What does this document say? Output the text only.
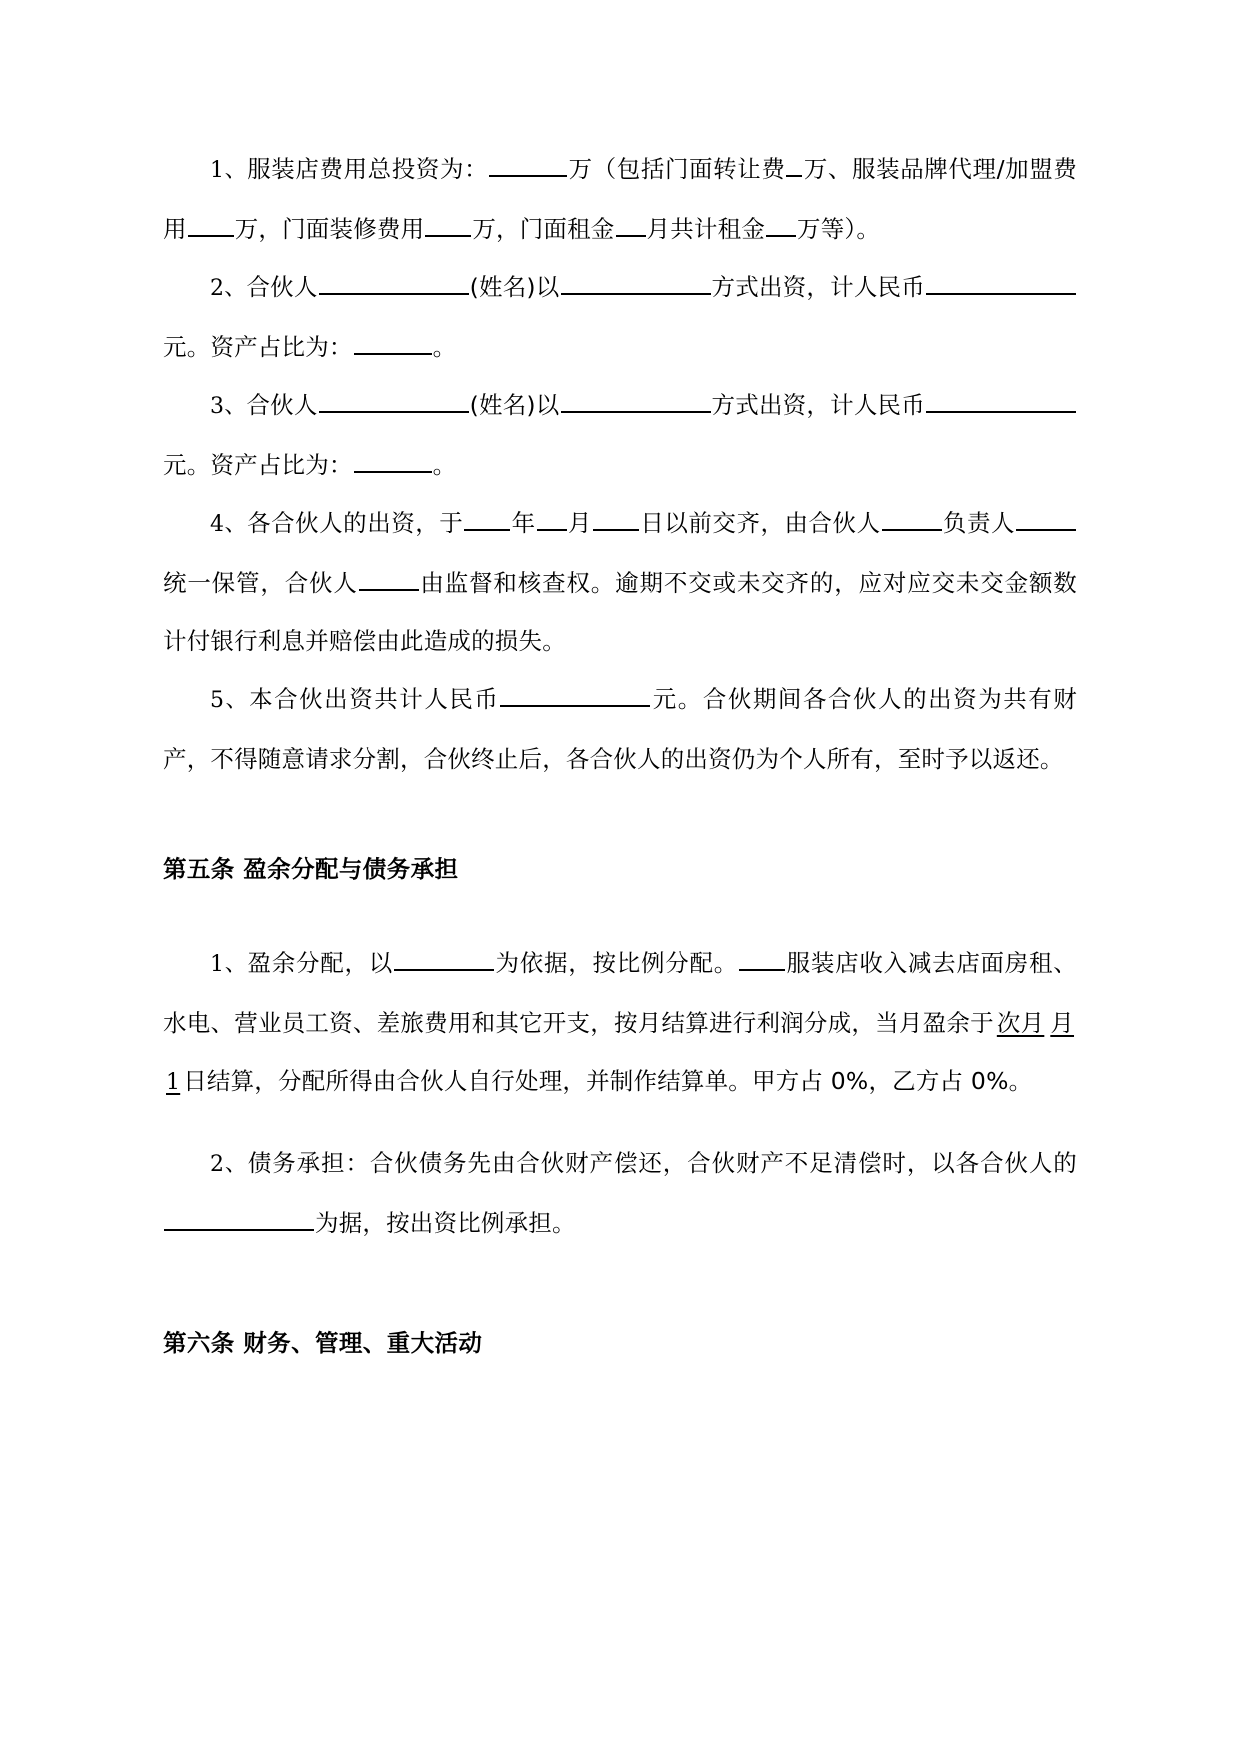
1、服装店费用总投资为：	万（包括门面转让费 万、服装品牌代理/加盟费用 万，门面装修费用 万，门面租金 月共计租金 万等）。

2、合伙人	(姓名)以	方式出资，计人民币元。资产占比为：	。

3、合伙人	(姓名)以	方式出资，计人民币元。资产占比为：	。

4、各合伙人的出资，于 年 月 日以前交齐，由合伙人	负责人统一保管，合伙人	由监督和核查权。逾期不交或未交齐的，应对应交未交金额数计付银行利息并赔偿由此造成的损失。

5、本合伙出资共计人民币	元。合伙期间各合伙人的出资为共有财产，不得随意请求分割，合伙终止后，各合伙人的出资仍为个人所有，至时予以返还。

第五条 盈余分配与债务承担

1、盈余分配，以	为依据，按比例分配。 服装店收入减去店面房租、水电、营业员工资、差旅费用和其它开支，按月结算进行利润分成，当月盈余于 次月 月1 日结算，分配所得由合伙人自行处理，并制作结算单。甲方占 0%，乙方占 0%。

2、债务承担：合伙债务先由合伙财产偿还，合伙财产不足清偿时，以各合伙人的为据，按出资比例承担。

第六条 财务、管理、重大活动
